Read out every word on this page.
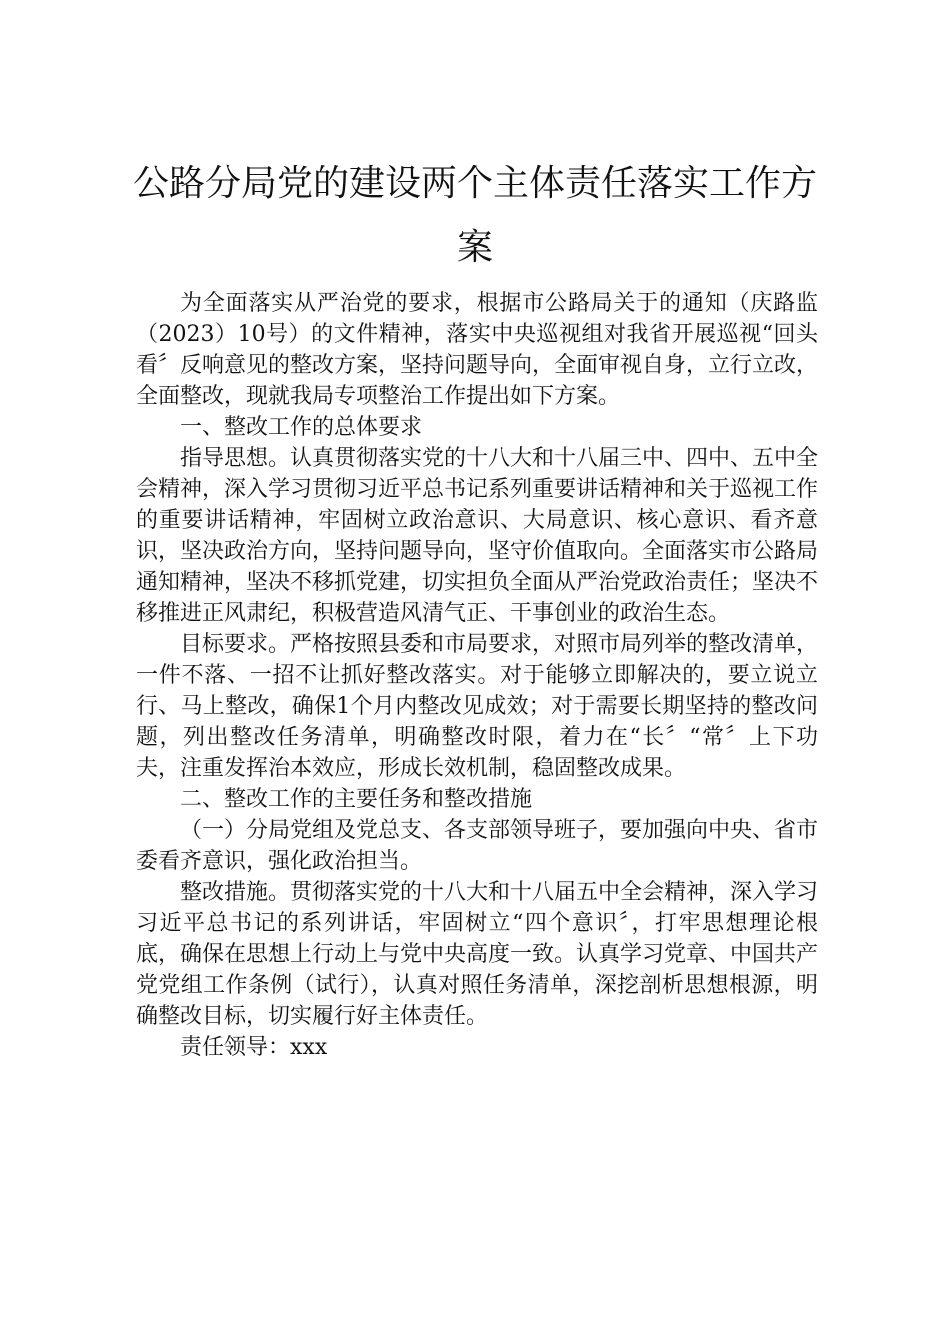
公路分局党的建设两个主体责任落实工作方案

为全面落实从严治党的要求，根据市公路局关于的通知（庆路监（2023）10号）的文件精神，落实中央巡视组对我省开展巡视“回头看〞反响意见的整改方案，坚持问题导向，全面审视自身，立行立改，全面整改，现就我局专项整治工作提出如下方案。

一、整改工作的总体要求

指导思想。认真贯彻落实党的十八大和十八届三中、四中、五中全会精神，深入学习贯彻习近平总书记系列重要讲话精神和关于巡视工作的重要讲话精神，牢固树立政治意识、大局意识、核心意识、看齐意识，坚决政治方向，坚持问题导向，坚守价值取向。全面落实市公路局通知精神，坚决不移抓党建，切实担负全面从严治党政治责任；坚决不移推进正风肃纪，积极营造风清气正、干事创业的政治生态。

目标要求。严格按照县委和市局要求，对照市局列举的整改清单，一件不落、一招不让抓好整改落实。对于能够立即解决的，要立说立行、马上整改，确保1个月内整改见成效；对于需要长期坚持的整改问题，列出整改任务清单，明确整改时限，着力在“长〞“常〞上下功夫，注重发挥治本效应，形成长效机制，稳固整改成果。

二、整改工作的主要任务和整改措施

（一）分局党组及党总支、各支部领导班子，要加强向中央、省市委看齐意识，强化政治担当。

整改措施。贯彻落实党的十八大和十八届五中全会精神，深入学习习近平总书记的系列讲话，牢固树立“四个意识〞，打牢思想理论根底，确保在思想上行动上与党中央高度一致。认真学习党章、中国共产党党组工作条例（试行），认真对照任务清单，深挖剖析思想根源，明确整改目标，切实履行好主体责任。

责任领导：xxx
